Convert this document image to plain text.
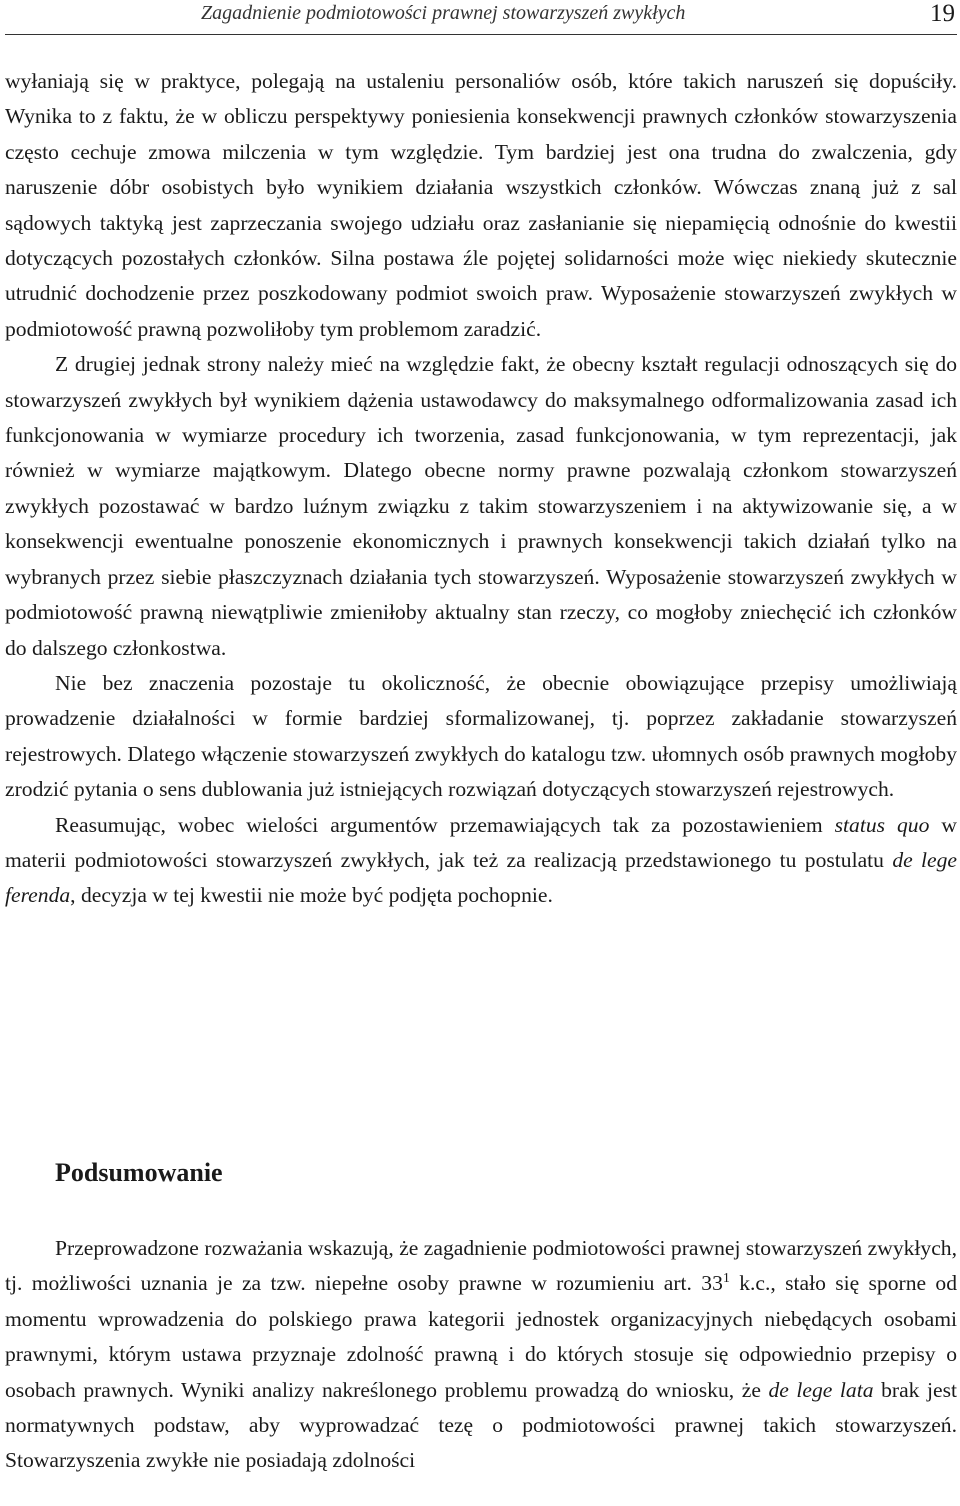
Zagadnienie podmiotowości prawnej stowarzyszeń zwykłych	19

wyłaniają się w praktyce, polegają na ustaleniu personaliów osób, które takich naruszeń się dopuściły. Wynika to z faktu, że w obliczu perspektywy poniesienia konsekwencji prawnych członków stowarzyszenia często cechuje zmowa milczenia w tym względzie. Tym bardziej jest ona trudna do zwalczenia, gdy naruszenie dóbr osobistych było wynikiem działania wszystkich członków. Wówczas znaną już z sal sądowych taktyką jest zaprzeczania swojego udziału oraz zasłanianie się niepamięcią odnośnie do kwestii dotyczących pozostałych członków. Silna postawa źle pojętej solidarności może więc niekiedy skutecznie utrudnić dochodzenie przez poszkodowany podmiot swoich praw. Wyposażenie stowarzyszeń zwykłych w podmiotowość prawną pozwoliłoby tym problemom zaradzić.

Z drugiej jednak strony należy mieć na względzie fakt, że obecny kształt regulacji odnoszących się do stowarzyszeń zwykłych był wynikiem dążenia ustawodawcy do maksymalnego odformalizowania zasad ich funkcjonowania w wymiarze procedury ich tworzenia, zasad funkcjonowania, w tym reprezentacji, jak również w wymiarze majątkowym. Dlatego obecne normy prawne pozwalają członkom stowarzyszeń zwykłych pozostawać w bardzo luźnym związku z takim stowarzyszeniem i na aktywizowanie się, a w konsekwencji ewentualne ponoszenie ekonomicznych i prawnych konsekwencji takich działań tylko na wybranych przez siebie płaszczyznach działania tych stowarzyszeń. Wyposażenie stowarzyszeń zwykłych w podmiotowość prawną niewątpliwie zmieniłoby aktualny stan rzeczy, co mogłoby zniechęcić ich członków do dalszego członkostwa.

Nie bez znaczenia pozostaje tu okoliczność, że obecnie obowiązujące przepisy umożliwiają prowadzenie działalności w formie bardziej sformalizowanej, tj. poprzez zakładanie stowarzyszeń rejestrowych. Dlatego włączenie stowarzyszeń zwykłych do katalogu tzw. ułomnych osób prawnych mogłoby zrodzić pytania o sens dublowania już istniejących rozwiązań dotyczących stowarzyszeń rejestrowych.

Reasumując, wobec wielości argumentów przemawiających tak za pozostawieniem status quo w materii podmiotowości stowarzyszeń zwykłych, jak też za realizacją przedstawionego tu postulatu de lege ferenda, decyzja w tej kwestii nie może być podjęta pochopnie.

Podsumowanie

Przeprowadzone rozważania wskazują, że zagadnienie podmiotowości prawnej stowarzyszeń zwykłych, tj. możliwości uznania je za tzw. niepełne osoby prawne w rozumieniu art. $33^1$ k.c., stało się sporne od momentu wprowadzenia do polskiego prawa kategorii jednostek organizacyjnych niebędących osobami prawnymi, którym ustawa przyznaje zdolność prawną i do których stosuje się odpowiednio przepisy o osobach prawnych. Wyniki analizy nakreślonego problemu prowadzą do wniosku, że de lege lata brak jest normatywnych podstaw, aby wyprowadzać tezę o podmiotowości prawnej takich stowarzyszeń. Stowarzyszenia zwykłe nie posiadają zdolności
